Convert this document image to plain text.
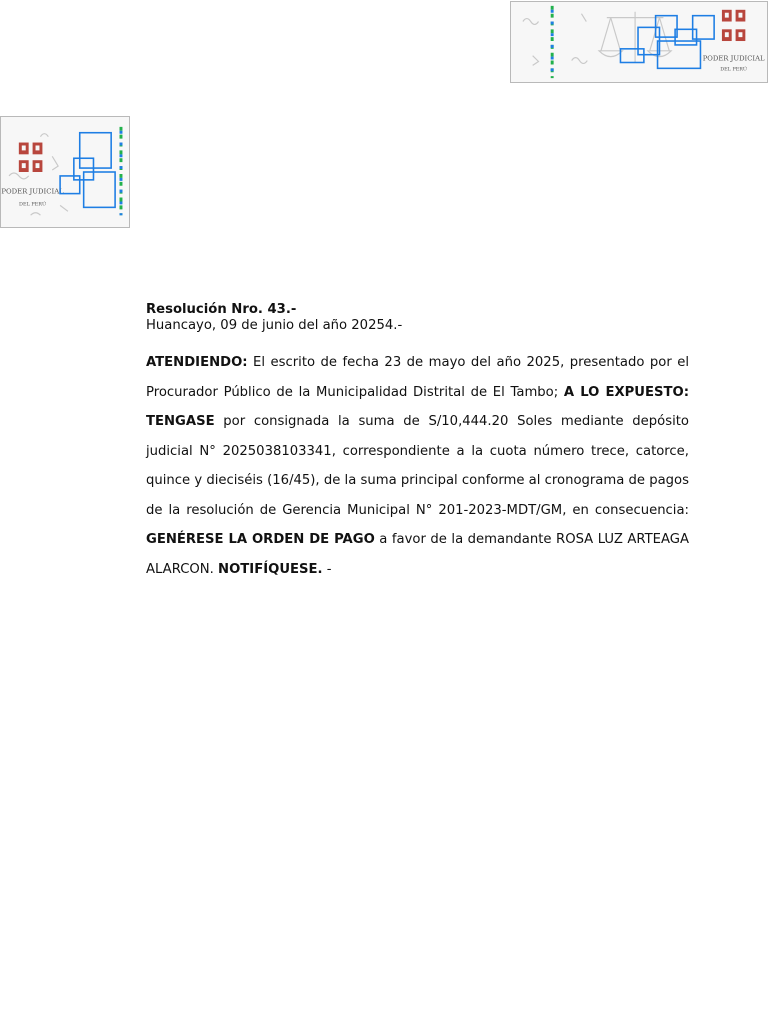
PODER JUDICIAL
DEL PERÚ
PODER JUDICIAL
DEL PERÚ

Resolución Nro. 43.-

Huancayo, 09 de junio del año 20254.-

ATENDIENDO: El escrito de fecha 23 de mayo del año 2025, presentado por el Procurador Público de la Municipalidad Distrital de El Tambo; A LO EXPUESTO: TENGASE por consignada la suma de S/10,444.20 Soles mediante depósito judicial N° 2025038103341, correspondiente a la cuota número trece, catorce, quince y dieciséis (16/45), de la suma principal conforme al cronograma de pagos de la resolución de Gerencia Municipal N° 201-2023-MDT/GM, en consecuencia: GENÉRESE LA ORDEN DE PAGO a favor de la demandante ROSA LUZ ARTEAGA ALARCON. NOTIFÍQUESE. -
